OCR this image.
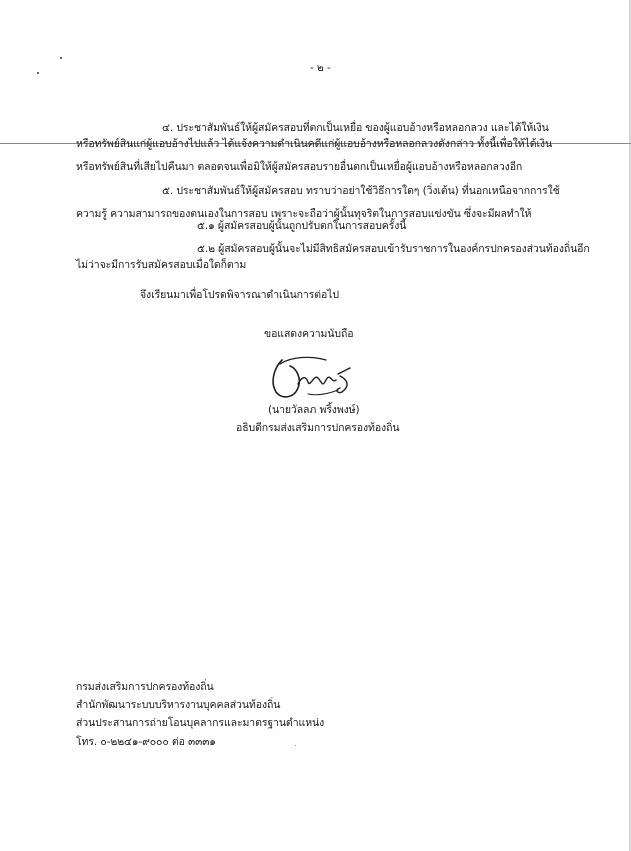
- ๒ -
๔. ประชาสัมพันธ์ให้ผู้สมัครสอบที่ตกเป็นเหยื่อ ของผู้แอบอ้างหรือหลอกลวง และได้ให้เงิน
หรือทรัพย์สินแก่ผู้แอบอ้างไปแล้ว ได้แจ้งความดำเนินคดีแก่ผู้แอบอ้างหรือหลอกลวงดังกล่าว ทั้งนี้เพื่อให้ได้เงิน
หรือทรัพย์สินที่เสียไปคืนมา ตลอดจนเพื่อมิให้ผู้สมัครสอบรายอื่นตกเป็นเหยื่อผู้แอบอ้างหรือหลอกลวงอีก
๕. ประชาสัมพันธ์ให้ผู้สมัครสอบ ทราบว่าอย่าใช้วิธีการใดๆ (วิ่งเต้น) ที่นอกเหนือจากการใช้
ความรู้ ความสามารถของตนเองในการสอบ เพราะจะถือว่าผู้นั้นทุจริตในการสอบแข่งขัน ซึ่งจะมีผลทำให้
๕.๑ ผู้สมัครสอบผู้นั้นถูกปรับตกในการสอบครั้งนี้
๕.๒ ผู้สมัครสอบผู้นั้นจะไม่มีสิทธิสมัครสอบเข้ารับราชการในองค์กรปกครองส่วนท้องถิ่นอีก
ไม่ว่าจะมีการรับสมัครสอบเมื่อใดก็ตาม
จึงเรียนมาเพื่อโปรดพิจารณาดำเนินการต่อไป
ขอแสดงความนับถือ
(นายวัลลภ พริ้งพงษ์)
อธิบดีกรมส่งเสริมการปกครองท้องถิ่น
กรมส่งเสริมการปกครองท้องถิ่น
สำนักพัฒนาระบบบริหารงานบุคคลส่วนท้องถิ่น
ส่วนประสานการถ่ายโอนบุคลากรและมาตรฐานตำแหน่ง
โทร. ๐-๒๒๔๑-๙๐๐๐ ต่อ ๓๓๓๑
